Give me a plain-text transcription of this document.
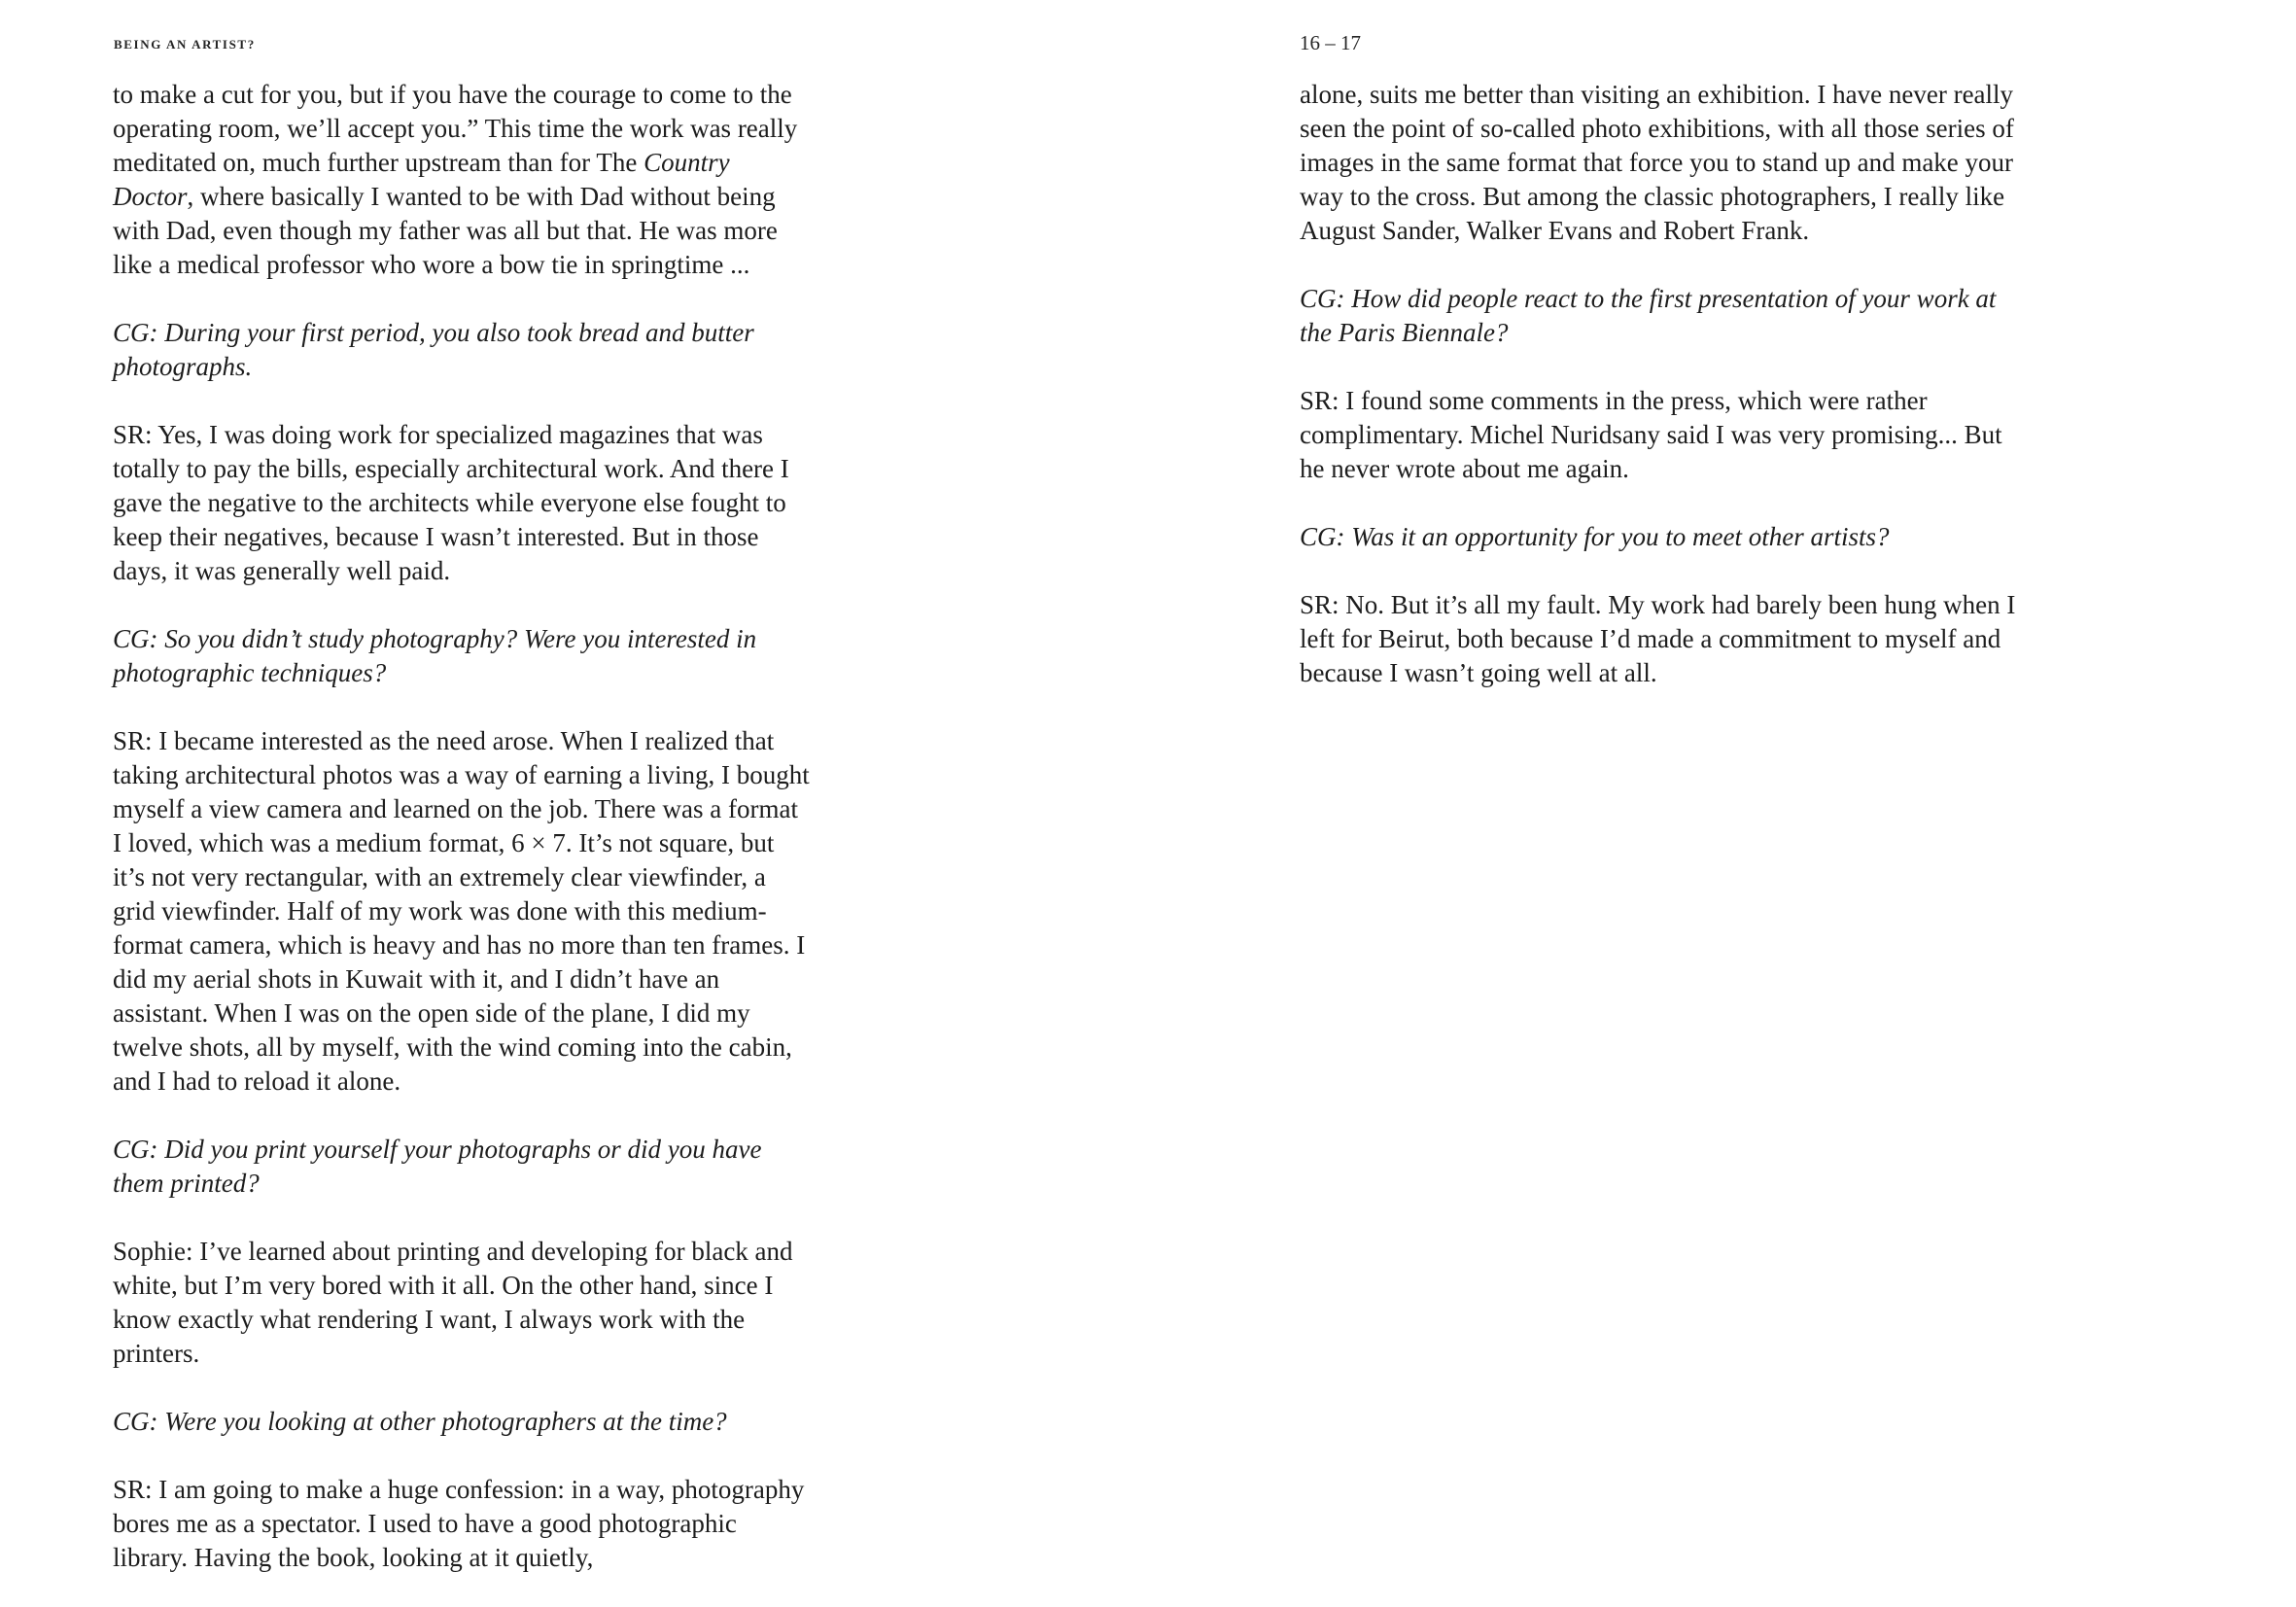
BEING AN ARTIST?

to make a cut for you, but if you have the courage to come to the operating room, we’ll accept you.” This time the work was really meditated on, much further upstream than for The Country Doctor, where basically I wanted to be with Dad without being with Dad, even though my father was all but that. He was more like a medical professor who wore a bow tie in springtime ...

CG: During your first period, you also took bread and butter photographs.

SR: Yes, I was doing work for specialized magazines that was totally to pay the bills, especially architectural work. And there I gave the negative to the architects while everyone else fought to keep their negatives, because I wasn’t interested. But in those days, it was generally well paid.

CG: So you didn’t study photography? Were you interested in photographic techniques?

SR: I became interested as the need arose. When I realized that taking architectural photos was a way of earning a living, I bought myself a view camera and learned on the job. There was a format I loved, which was a medium format, 6 × 7. It’s not square, but it’s not very rectangular, with an extremely clear viewfinder, a grid viewfinder. Half of my work was done with this medium-format camera, which is heavy and has no more than ten frames. I did my aerial shots in Kuwait with it, and I didn’t have an assistant. When I was on the open side of the plane, I did my twelve shots, all by myself, with the wind coming into the cabin, and I had to reload it alone.

CG: Did you print yourself your photographs or did you have them printed?

Sophie: I’ve learned about printing and developing for black and white, but I’m very bored with it all. On the other hand, since I know exactly what rendering I want, I always work with the printers.

CG: Were you looking at other photographers at the time?

SR: I am going to make a huge confession: in a way, photography bores me as a spectator. I used to have a good photographic library. Having the book, looking at it quietly,

16 – 17

alone, suits me better than visiting an exhibition. I have never really seen the point of so-called photo exhibitions, with all those series of images in the same format that force you to stand up and make your way to the cross. But among the classic photographers, I really like August Sander, Walker Evans and Robert Frank.

CG: How did people react to the first presentation of your work at the Paris Biennale?

SR: I found some comments in the press, which were rather complimentary. Michel Nuridsany said I was very promising... But he never wrote about me again.

CG: Was it an opportunity for you to meet other artists?

SR: No. But it’s all my fault. My work had barely been hung when I left for Beirut, both because I’d made a commitment to myself and because I wasn’t going well at all.
